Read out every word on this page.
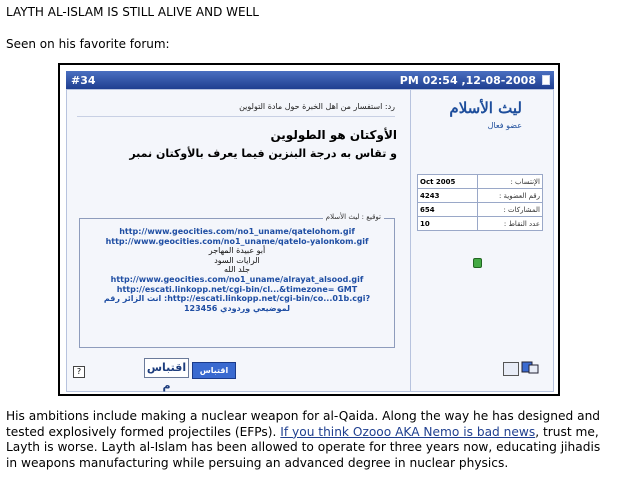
LAYTH AL-ISLAM IS STILL ALIVE AND WELL
Seen on his favorite forum:
#34	PM 02:54 ,12-08-2008
ليث الأسلام
عضو فعال
Oct 2005	الإنتساب :
4243	رقم العضوية :
654	المشاركات :
10	عدد النقاط :
رد: استفسار من اهل الخبرة حول مادة التولوين
الأوكتان هو الطولوين
و تقاس به درجة البنزين فيما يعرف بالأوكتان نمبر
توقيع : ليث الأسلام
http://www.geocities.com/no1_uname/qatelohom.gif
http://www.geocities.com/no1_uname/qatelo-yalonkom.gif
أبو عبيدة المهاجر
الرايات السود
جلد الله
http://www.geocities.com/no1_uname/alrayat_alsood.gif
http://escati.linkopp.net/cgi-bin/cl...&timezone= GMT
انت الزائر رقم :http://escati.linkopp.net/cgi-bin/co...01b.cgi?
123456 لموضيعي وردودي
?	اقتباس م
اقتباس
His ambitions include making a nuclear weapon for al-Qaida. Along the way he has designed and tested explosively formed projectiles (EFPs). If you think Ozooo AKA Nemo is bad news, trust me, Layth is worse. Layth al-Islam has been allowed to operate for three years now, educating jihadis in weapons manufacturing while persuing an advanced degree in nuclear physics.
